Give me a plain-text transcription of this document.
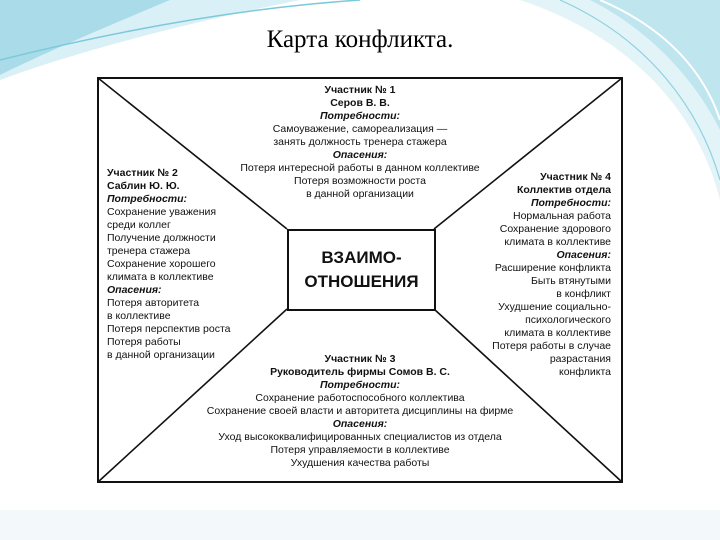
Карта конфликта.
ВЗАИМО-
ОТНОШЕНИЯ
Участник № 1
Серов В. В.
Потребности:
Самоуважение, самореализация —
занять должность тренера стажера
Опасения:
Потеря интересной работы в данном коллективе
Потеря возможности роста
в данной организации
Участник № 2
Саблин Ю. Ю.
Потребности:
Сохранение уважения
среди коллег
Получение должности
тренера стажера
Сохранение хорошего
климата в коллективе
Опасения:
Потеря авторитета
в коллективе
Потеря перспектив роста
Потеря работы
в данной организации
Участник № 4
Коллектив отдела
Потребности:
Нормальная работа
Сохранение здорового
климата в коллективе
Опасения:
Расширение конфликта
Быть втянутыми
в конфликт
Ухудшение социально-
психологического
климата в коллективе
Потеря работы в случае
разрастания
конфликта
Участник № 3
Руководитель фирмы Сомов В. С.
Потребности:
Сохранение работоспособного коллектива
Сохранение своей власти и авторитета дисциплины на фирме
Опасения:
Уход высококвалифицированных специалистов из отдела
Потеря управляемости в коллективе
Ухудшения качества работы
